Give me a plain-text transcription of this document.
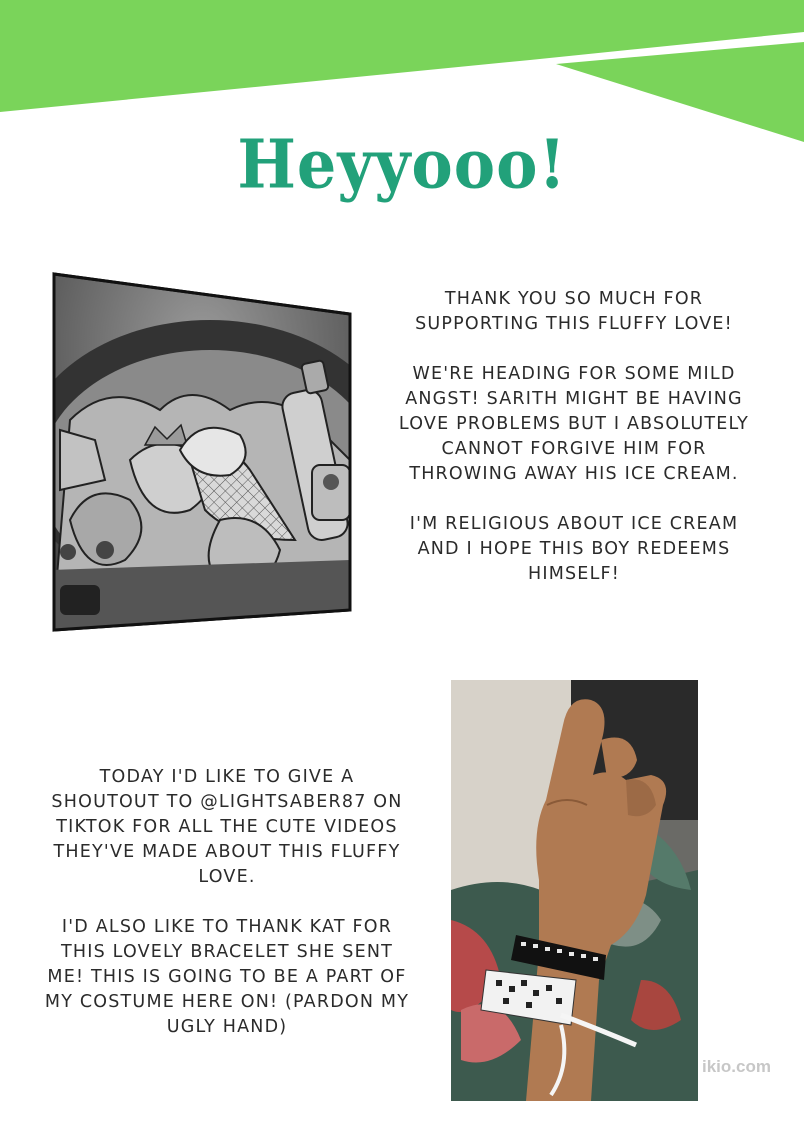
Heyyooo!

THANK YOU SO MUCH FOR SUPPORTING THIS FLUFFY LOVE!

WE'RE HEADING FOR SOME MILD ANGST! SARITH MIGHT BE HAVING LOVE PROBLEMS BUT I ABSOLUTELY CANNOT FORGIVE HIM FOR THROWING AWAY HIS ICE CREAM.

I'M RELIGIOUS ABOUT ICE CREAM AND I HOPE THIS BOY REDEEMS HIMSELF!

TODAY I'D LIKE TO GIVE A SHOUTOUT TO @LIGHTSABER87 ON TIKTOK FOR ALL THE CUTE VIDEOS THEY'VE MADE ABOUT THIS FLUFFY LOVE.

I'D ALSO LIKE TO THANK KAT FOR THIS LOVELY BRACELET SHE SENT ME! THIS IS GOING TO BE A PART OF MY COSTUME HERE ON! (PARDON MY UGLY HAND)

ikio.com
